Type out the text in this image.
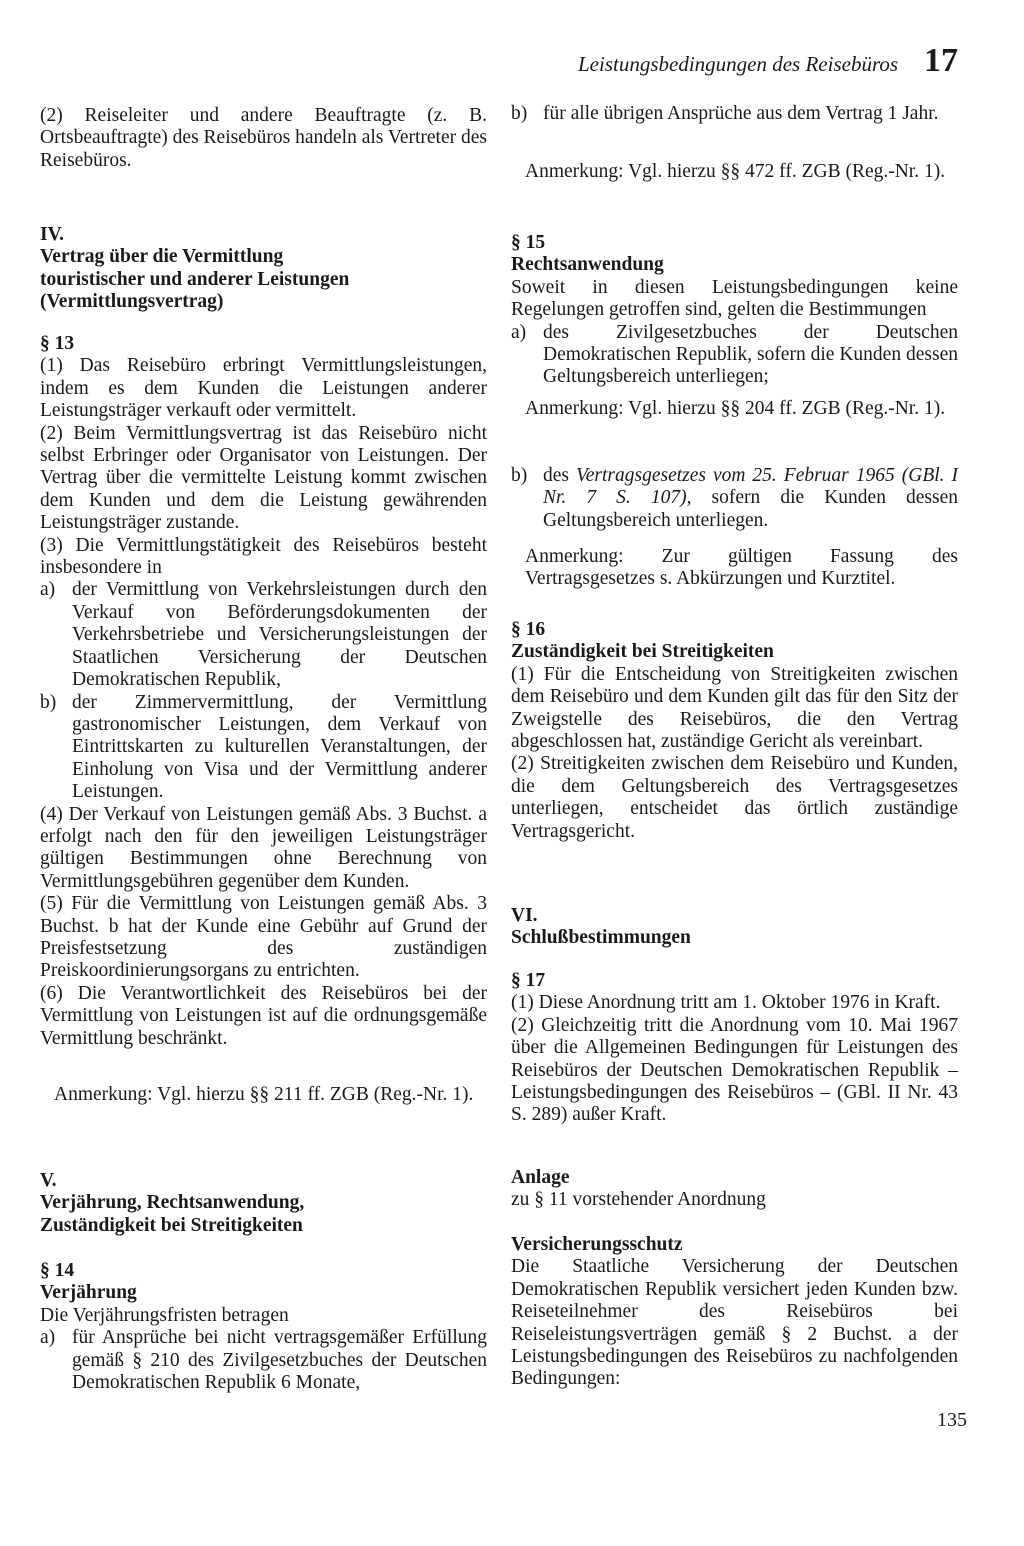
Leistungsbedingungen des Reisebüros 17

(2) Reiseleiter und andere Beauftragte (z. B. Ortsbeauftragte) des Reisebüros handeln als Vertreter des Reisebüros.

IV.

Vertrag über die Vermittlung

touristischer und anderer Leistungen

(Vermittlungsvertrag)

§ 13

(1) Das Reisebüro erbringt Vermittlungsleistungen, indem es dem Kunden die Leistungen anderer Leistungsträger verkauft oder vermittelt.

(2) Beim Vermittlungsvertrag ist das Reisebüro nicht selbst Erbringer oder Organisator von Leistungen. Der Vertrag über die vermittelte Leistung kommt zwischen dem Kunden und dem die Leistung gewährenden Leistungsträger zustande.

(3) Die Vermittlungstätigkeit des Reisebüros besteht insbesondere in

a) der Vermittlung von Verkehrsleistungen durch den Verkauf von Beförderungsdokumenten der Verkehrsbetriebe und Versicherungsleistungen der Staatlichen Versicherung der Deutschen Demokratischen Republik,
b) der Zimmervermittlung, der Vermittlung gastronomischer Leistungen, dem Verkauf von Eintrittskarten zu kulturellen Veranstaltungen, der Einholung von Visa und der Vermittlung anderer Leistungen.

(4) Der Verkauf von Leistungen gemäß Abs. 3 Buchst. a erfolgt nach den für den jeweiligen Leistungsträger gültigen Bestimmungen ohne Berechnung von Vermittlungsgebühren gegenüber dem Kunden.

(5) Für die Vermittlung von Leistungen gemäß Abs. 3 Buchst. b hat der Kunde eine Gebühr auf Grund der Preisfestsetzung des zuständigen Preiskoordinierungsorgans zu entrichten.

(6) Die Verantwortlichkeit des Reisebüros bei der Vermittlung von Leistungen ist auf die ordnungsgemäße Vermittlung beschränkt.

Anmerkung: Vgl. hierzu §§ 211 ff. ZGB (Reg.-Nr. 1).

V.

Verjährung, Rechtsanwendung,

Zuständigkeit bei Streitigkeiten

§ 14

Verjährung

Die Verjährungsfristen betragen

a) für Ansprüche bei nicht vertragsgemäßer Erfüllung gemäß § 210 des Zivilgesetzbuches der Deutschen Demokratischen Republik 6 Monate,
b) für alle übrigen Ansprüche aus dem Vertrag 1 Jahr.

Anmerkung: Vgl. hierzu §§ 472 ff. ZGB (Reg.-Nr. 1).

§ 15

Rechtsanwendung

Soweit in diesen Leistungsbedingungen keine Regelungen getroffen sind, gelten die Bestimmungen

a) des Zivilgesetzbuches der Deutschen Demokratischen Republik, sofern die Kunden dessen Geltungsbereich unterliegen;

Anmerkung: Vgl. hierzu §§ 204 ff. ZGB (Reg.-Nr. 1).

b) des Vertragsgesetzes vom 25. Februar 1965 (GBl. I Nr. 7 S. 107), sofern die Kunden dessen Geltungsbereich unterliegen.

Anmerkung: Zur gültigen Fassung des Vertragsgesetzes s. Abkürzungen und Kurztitel.

§ 16

Zuständigkeit bei Streitigkeiten

(1) Für die Entscheidung von Streitigkeiten zwischen dem Reisebüro und dem Kunden gilt das für den Sitz der Zweigstelle des Reisebüros, die den Vertrag abgeschlossen hat, zuständige Gericht als vereinbart.

(2) Streitigkeiten zwischen dem Reisebüro und Kunden, die dem Geltungsbereich des Vertragsgesetzes unterliegen, entscheidet das örtlich zuständige Vertragsgericht.

VI.

Schlußbestimmungen

§ 17

(1) Diese Anordnung tritt am 1. Oktober 1976 in Kraft.

(2) Gleichzeitig tritt die Anordnung vom 10. Mai 1967 über die Allgemeinen Bedingungen für Leistungen des Reisebüros der Deutschen Demokratischen Republik – Leistungsbedingungen des Reisebüros – (GBl. II Nr. 43 S. 289) außer Kraft.

Anlage

zu § 11 vorstehender Anordnung

Versicherungsschutz

Die Staatliche Versicherung der Deutschen Demokratischen Republik versichert jeden Kunden bzw. Reiseteilnehmer des Reisebüros bei Reiseleistungsverträgen gemäß § 2 Buchst. a der Leistungsbedingungen des Reisebüros zu nachfolgenden Bedingungen:

135
